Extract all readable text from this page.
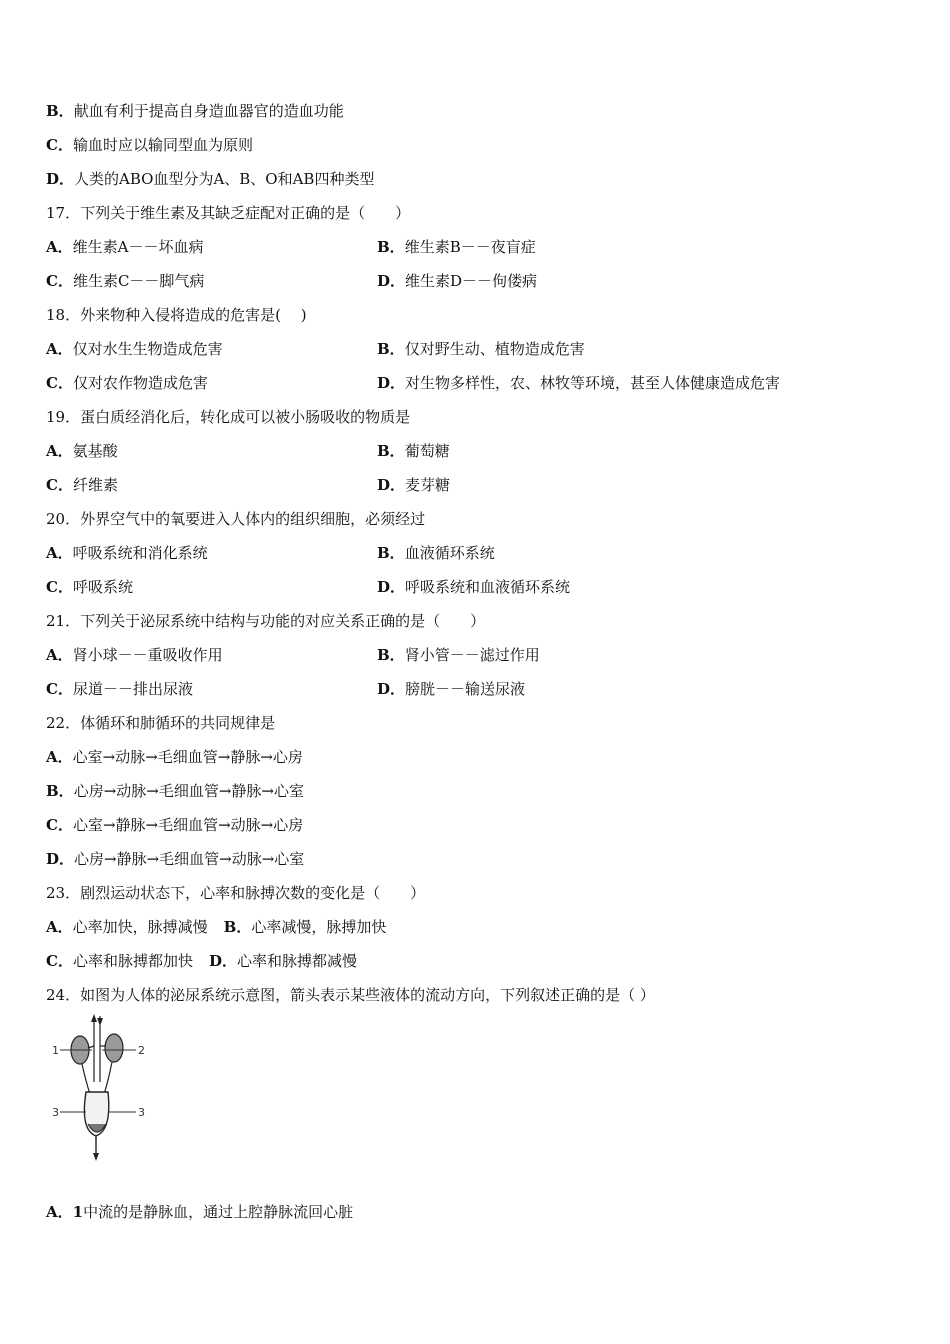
B．献血有利于提高自身造血器官的造血功能
C．输血时应以输同型血为原则
D．人类的ABO血型分为A、B、O和AB四种类型
17．下列关于维生素及其缺乏症配对正确的是（　　）
A．维生素A－－坏血病	B．维生素B－－夜盲症
C．维生素C－－脚气病	D．维生素D－－佝偻病
18．外来物种入侵将造成的危害是(　 )
A．仅对水生生物造成危害	B．仅对野生动、植物造成危害
C．仅对农作物造成危害	D．对生物多样性，农、林牧等环境，甚至人体健康造成危害
19．蛋白质经消化后，转化成可以被小肠吸收的物质是
A．氨基酸	B．葡萄糖
C．纤维素	D．麦芽糖
20．外界空气中的氧要进入人体内的组织细胞，必须经过
A．呼吸系统和消化系统	B．血液循环系统
C．呼吸系统	D．呼吸系统和血液循环系统
21．下列关于泌尿系统中结构与功能的对应关系正确的是（　　）
A．肾小球－－重吸收作用	B．肾小管－－滤过作用
C．尿道－－排出尿液	D．膀胱－－输送尿液
22．体循环和肺循环的共同规律是
A．心室→动脉→毛细血管→静脉→心房
B．心房→动脉→毛细血管→静脉→心室
C．心室→静脉→毛细血管→动脉→心房
D．心房→静脉→毛细血管→动脉→心室
23．剧烈运动状态下，心率和脉搏次数的变化是（　　）
A．心率加快，脉搏减慢 B．心率减慢，脉搏加快
C．心率和脉搏都加快 D．心率和脉搏都减慢
24．如图为人体的泌尿系统示意图，箭头表示某些液体的流动方向，下列叙述正确的是（ ）
1	2
3	3
A．1中流的是静脉血，通过上腔静脉流回心脏
